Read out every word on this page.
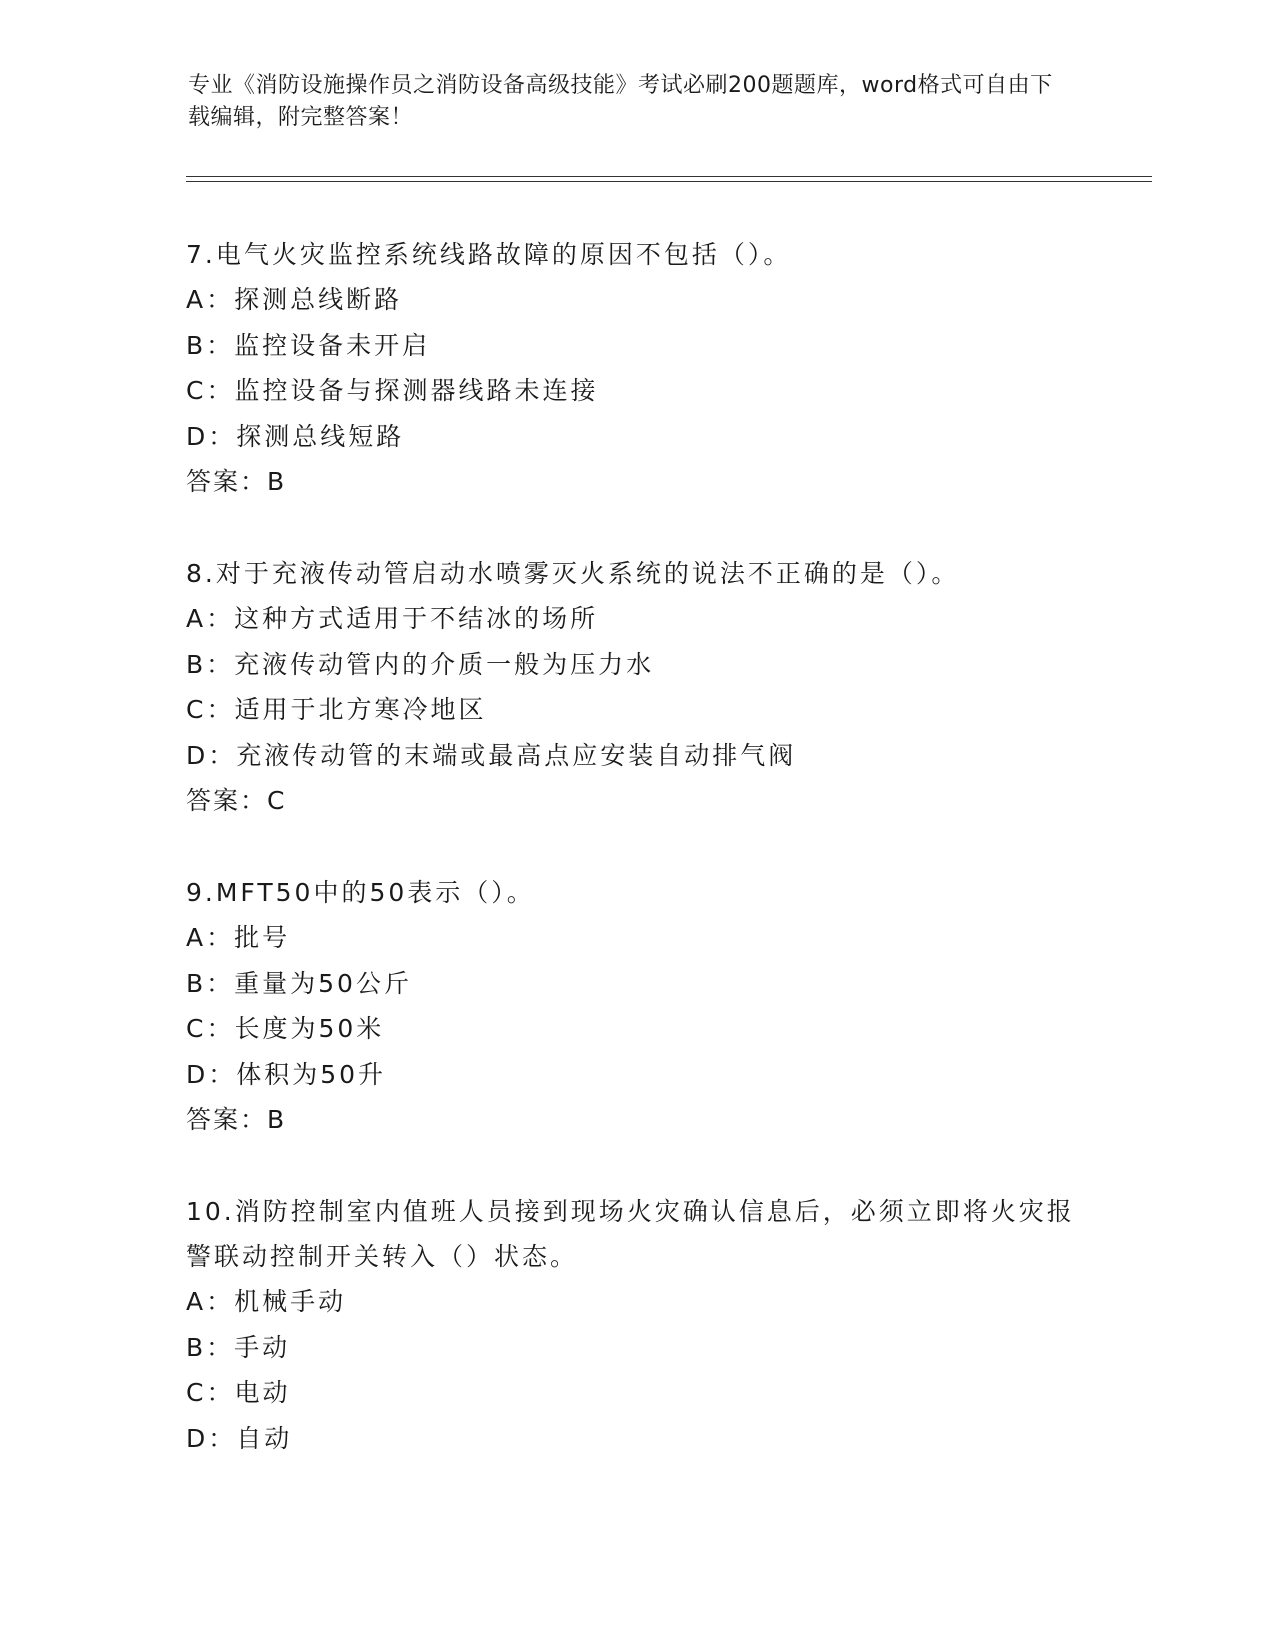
专业《消防设施操作员之消防设备高级技能》考试必刷200题题库，word格式可自由下载编辑，附完整答案！
7.电气火灾监控系统线路故障的原因不包括（）。
A：探测总线断路
B：监控设备未开启
C：监控设备与探测器线路未连接
D：探测总线短路
答案：B
8.对于充液传动管启动水喷雾灭火系统的说法不正确的是（）。
A：这种方式适用于不结冰的场所
B：充液传动管内的介质一般为压力水
C：适用于北方寒冷地区
D：充液传动管的末端或最高点应安装自动排气阀
答案：C
9.MFT50中的50表示（）。
A：批号
B：重量为50公斤
C：长度为50米
D：体积为50升
答案：B
10.消防控制室内值班人员接到现场火灾确认信息后，必须立即将火灾报警联动控制开关转入（）状态。
A：机械手动
B：手动
C：电动
D：自动
